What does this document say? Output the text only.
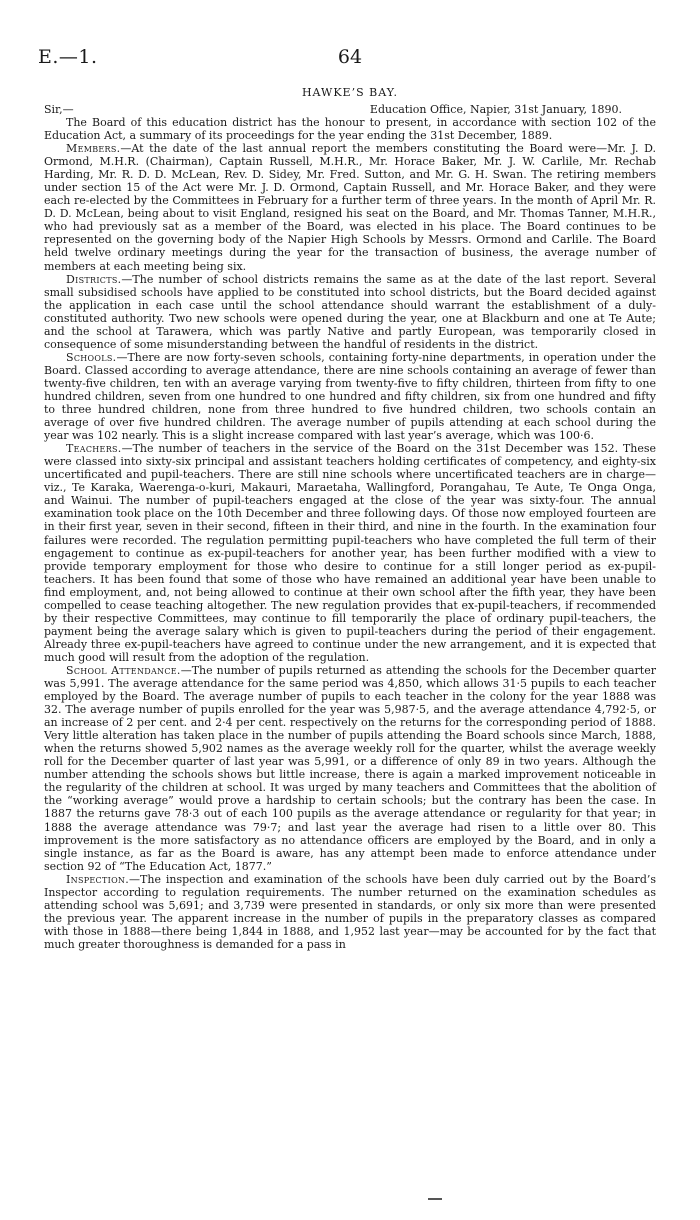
E.—1.	64
HAWKE’S BAY.

Sir,—	Education Office, Napier, 31st January, 1890.

The Board of this education district has the honour to present, in accordance with section 102 of the Education Act, a summary of its proceedings for the year ending the 31st December, 1889.

Members.—At the date of the last annual report the members constituting the Board were—Mr. J. D. Ormond, M.H.R. (Chairman), Captain Russell, M.H.R., Mr. Horace Baker, Mr. J. W. Carlile, Mr. Rechab Harding, Mr. R. D. D. McLean, Rev. D. Sidey, Mr. Fred. Sutton, and Mr. G. H. Swan. The retiring members under section 15 of the Act were Mr. J. D. Ormond, Captain Russell, and Mr. Horace Baker, and they were each re-elected by the Committees in February for a further term of three years. In the month of April Mr. R. D. D. McLean, being about to visit England, resigned his seat on the Board, and Mr. Thomas Tanner, M.H.R., who had previously sat as a member of the Board, was elected in his place. The Board continues to be represented on the governing body of the Napier High Schools by Messrs. Ormond and Carlile. The Board held twelve ordinary meetings during the year for the transaction of business, the average number of members at each meeting being six.

Districts.—The number of school districts remains the same as at the date of the last report. Several small subsidised schools have applied to be constituted into school districts, but the Board decided against the application in each case until the school attendance should warrant the establishment of a duly-constituted authority. Two new schools were opened during the year, one at Blackburn and one at Te Aute; and the school at Tarawera, which was partly Native and partly European, was temporarily closed in consequence of some misunderstanding between the handful of residents in the district.

Schools.—There are now forty-seven schools, containing forty-nine departments, in operation under the Board. Classed according to average attendance, there are nine schools containing an average of fewer than twenty-five children, ten with an average varying from twenty-five to fifty children, thirteen from fifty to one hundred children, seven from one hundred to one hundred and fifty children, six from one hundred and fifty to three hundred children, none from three hundred to five hundred children, two schools contain an average of over five hundred children. The average number of pupils attending at each school during the year was 102 nearly. This is a slight increase compared with last year’s average, which was 100·6.

Teachers.—The number of teachers in the service of the Board on the 31st December was 152. These were classed into sixty-six principal and assistant teachers holding certificates of competency, and eighty-six uncertificated and pupil-teachers. There are still nine schools where uncertificated teachers are in charge—viz., Te Karaka, Waerenga-o-kuri, Makauri, Maraetaha, Wallingford, Porangahau, Te Aute, Te Onga Onga, and Wainui. The number of pupil-teachers engaged at the close of the year was sixty-four. The annual examination took place on the 10th December and three following days. Of those now employed fourteen are in their first year, seven in their second, fifteen in their third, and nine in the fourth. In the examination four failures were recorded. The regulation permitting pupil-teachers who have completed the full term of their engagement to continue as ex-pupil-teachers for another year, has been further modified with a view to provide temporary employment for those who desire to continue for a still longer period as ex-pupil-teachers. It has been found that some of those who have remained an additional year have been unable to find employment, and, not being allowed to continue at their own school after the fifth year, they have been compelled to cease teaching altogether. The new regulation provides that ex-pupil-teachers, if recommended by their respective Committees, may continue to fill temporarily the place of ordinary pupil-teachers, the payment being the average salary which is given to pupil-teachers during the period of their engagement. Already three ex-pupil-teachers have agreed to continue under the new arrangement, and it is expected that much good will result from the adoption of the regulation.

School Attendance.—The number of pupils returned as attending the schools for the December quarter was 5,991. The average attendance for the same period was 4,850, which allows 31·5 pupils to each teacher employed by the Board. The average number of pupils to each teacher in the colony for the year 1888 was 32. The average number of pupils enrolled for the year was 5,987·5, and the average attendance 4,792·5, or an increase of 2 per cent. and 2·4 per cent. respectively on the returns for the corresponding period of 1888. Very little alteration has taken place in the number of pupils attending the Board schools since March, 1888, when the returns showed 5,902 names as the average weekly roll for the quarter, whilst the average weekly roll for the December quarter of last year was 5,991, or a difference of only 89 in two years. Although the number attending the schools shows but little increase, there is again a marked improvement noticeable in the regularity of the children at school. It was urged by many teachers and Committees that the abolition of the “working average” would prove a hardship to certain schools; but the contrary has been the case. In 1887 the returns gave 78·3 out of each 100 pupils as the average attendance or regularity for that year; in 1888 the average attendance was 79·7; and last year the average had risen to a little over 80. This improvement is the more satisfactory as no attendance officers are employed by the Board, and in only a single instance, as far as the Board is aware, has any attempt been made to enforce attendance under section 92 of “The Education Act, 1877.”

Inspection.—The inspection and examination of the schools have been duly carried out by the Board’s Inspector according to regulation requirements. The number returned on the examination schedules as attending school was 5,691; and 3,739 were presented in standards, or only six more than were presented the previous year. The apparent increase in the number of pupils in the preparatory classes as compared with those in 1888—there being 1,844 in 1888, and 1,952 last year—may be accounted for by the fact that much greater thoroughness is demanded for a pass in
